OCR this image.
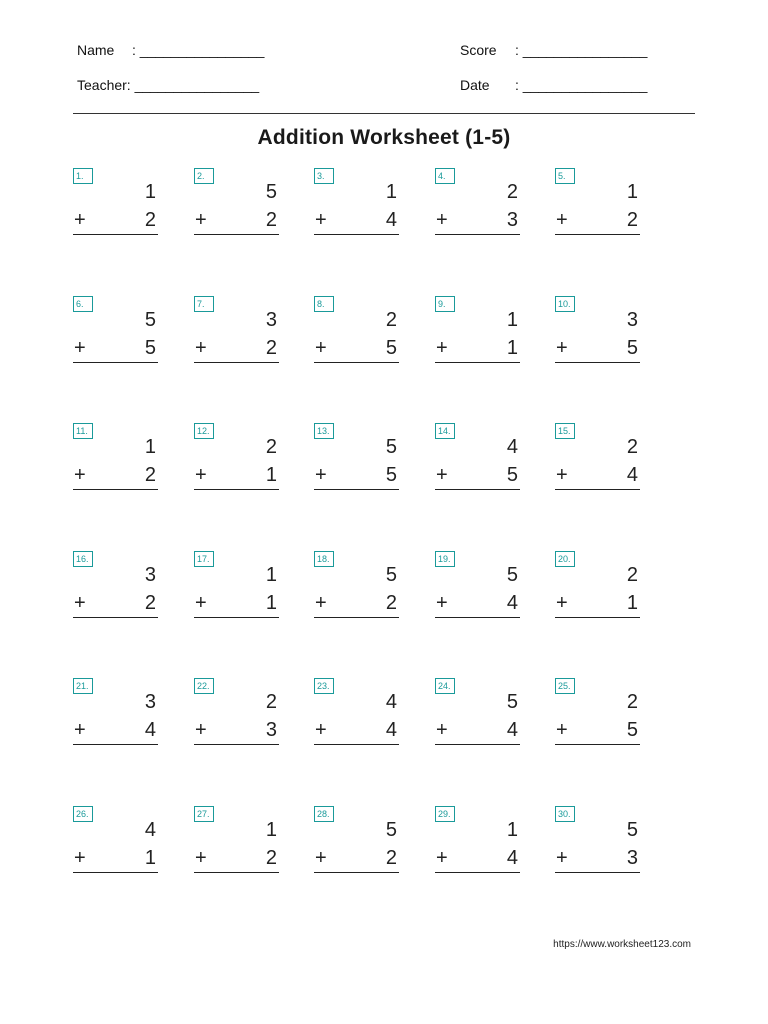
Name : ________________
Teacher: ________________
Score : ________________
Date : ________________
Addition Worksheet (1-5)
1.
1
+	2
2.
5
+	2
3.
1
+	4
4.
2
+	3
5.
1
+	2
6.
5
+	5
7.
3
+	2
8.
2
+	5
9.
1
+	1
10.
3
+	5
11.
1
+	2
12.
2
+	1
13.
5
+	5
14.
4
+	5
15.
2
+	4
16.
3
+	2
17.
1
+	1
18.
5
+	2
19.
5
+	4
20.
2
+	1
21.
3
+	4
22.
2
+	3
23.
4
+	4
24.
5
+	4
25.
2
+	5
26.
4
+	1
27.
1
+	2
28.
5
+	2
29.
1
+	4
30.
5
+	3
https://www.worksheet123.com
